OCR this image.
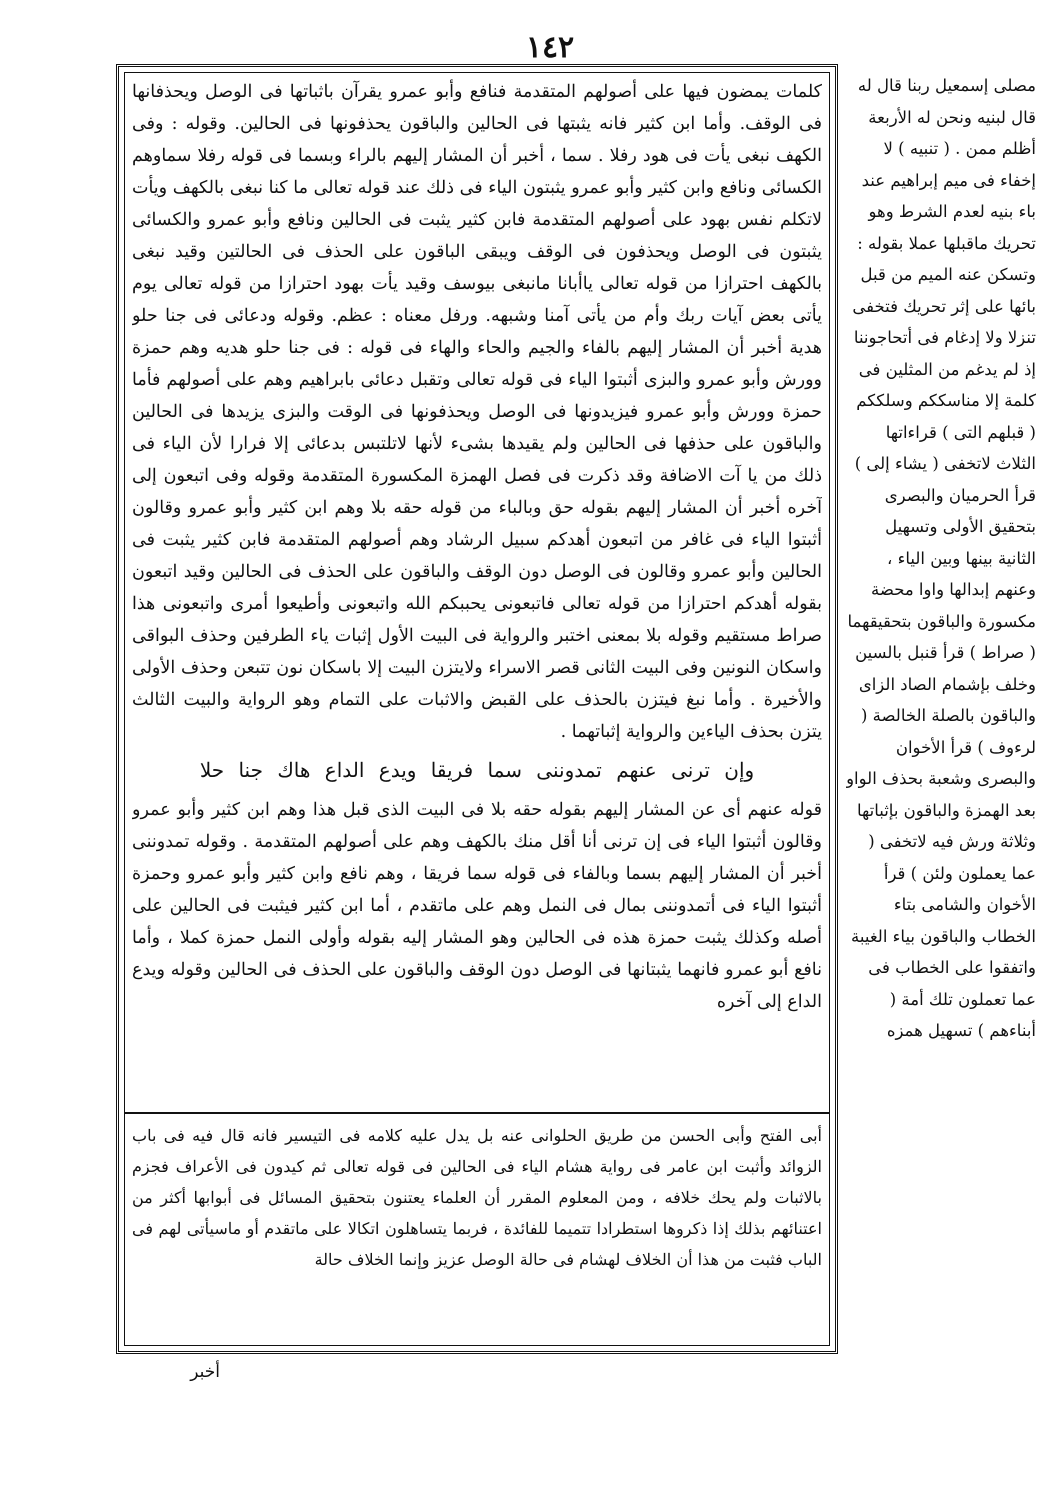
١٤٢

كلمات يمضون فيها على أصولهم المتقدمة فنافع وأبو عمرو يقرآن باثباتها فى الوصل ويحذفانها فى الوقف. وأما ابن كثير فانه يثبتها فى الحالين والباقون يحذفونها فى الحالين. وقوله : وفى الكهف نبغى يأت فى هود رفلا . سما ، أخبر أن المشار إليهم بالراء وبسما فى قوله رفلا سماوهم الكسائى ونافع وابن كثير وأبو عمرو يثبتون الياء فى ذلك عند قوله تعالى ما كنا نبغى بالكهف ويأت لاتكلم نفس بهود على أصولهم المتقدمة فابن كثير يثبت فى الحالين ونافع وأبو عمرو والكسائى يثبتون فى الوصل ويحذفون فى الوقف ويبقى الباقون على الحذف فى الحالتين وقيد نبغى بالكهف احترازا من قوله تعالى ياأبانا مانبغى بيوسف وقيد يأت بهود احترازا من قوله تعالى يوم يأتى بعض آيات ربك وأم من يأتى آمنا وشبهه. ورفل معناه : عظم. وقوله ودعائى فى جنا حلو هدية أخبر أن المشار إليهم بالفاء والجيم والحاء والهاء فى قوله : فى جنا حلو هديه وهم حمزة وورش وأبو عمرو والبزى أثبتوا الياء فى قوله تعالى وتقبل دعائى بابراهيم وهم على أصولهم فأما حمزة وورش وأبو عمرو فيزيدونها فى الوصل ويحذفونها فى الوقت والبزى يزيدها فى الحالين والباقون على حذفها فى الحالين ولم يقيدها بشىء لأنها لاتلتبس بدعائى إلا فرارا لأن الياء فى ذلك من يا آت الاضافة وقد ذكرت فى فصل الهمزة المكسورة المتقدمة وقوله وفى اتبعون إلى آخره أخبر أن المشار إليهم بقوله حق وبالباء من قوله حقه بلا وهم ابن كثير وأبو عمرو وقالون أثبتوا الياء فى غافر من اتبعون أهدكم سبيل الرشاد وهم أصولهم المتقدمة فابن كثير يثبت فى الحالين وأبو عمرو وقالون فى الوصل دون الوقف والباقون على الحذف فى الحالين وقيد اتبعون بقوله أهدكم احترازا من قوله تعالى فاتبعونى يحببكم الله واتبعونى وأطيعوا أمرى واتبعونى هذا صراط مستقيم وقوله بلا بمعنى اختبر والرواية فى البيت الأول إثبات ياء الطرفين وحذف البواقى واسكان النونين وفى البيت الثانى قصر الاسراء ولايتزن البيت إلا باسكان نون تتبعن وحذف الأولى والأخيرة . وأما نبغ فيتزن بالحذف على القبض والاثبات على التمام وهو الرواية والبيت الثالث يتزن بحذف الياءين والرواية إثباتهما .

وإن ترنى عنهم تمدوننى سما فريقا ويدع الداع هاك جنا حلا

قوله عنهم أى عن المشار إليهم بقوله حقه بلا فى البيت الذى قبل هذا وهم ابن كثير وأبو عمرو وقالون أثبتوا الياء فى إن ترنى أنا أقل منك بالكهف وهم على أصولهم المتقدمة . وقوله تمدوننى أخبر أن المشار إليهم بسما وبالفاء فى قوله سما فريقا ، وهم نافع وابن كثير وأبو عمرو وحمزة أثبتوا الياء فى أتمدوننى بمال فى النمل وهم على ماتقدم ، أما ابن كثير فيثبت فى الحالين على أصله وكذلك يثبت حمزة هذه فى الحالين وهو المشار إليه بقوله وأولى النمل حمزة كملا ، وأما نافع أبو عمرو فانهما يثبتانها فى الوصل دون الوقف والباقون على الحذف فى الحالين وقوله ويدع الداع إلى آخره

أبى الفتح وأبى الحسن من طريق الحلوانى عنه بل يدل عليه كلامه فى التيسير فانه قال فيه فى باب الزوائد وأثبت ابن عامر فى رواية هشام الياء فى الحالين فى قوله تعالى ثم كيدون فى الأعراف فجزم بالاثبات ولم يحك خلافه ، ومن المعلوم المقرر أن العلماء يعتنون بتحقيق المسائل فى أبوابها أكثر من اعتنائهم بذلك إذا ذكروها استطرادا تتميما للفائدة ، فربما يتساهلون اتكالا على ماتقدم أو ماسيأتى لهم فى الباب فثبت من هذا أن الخلاف لهشام فى حالة الوصل عزيز وإنما الخلاف حالة

مصلى إسمعيل ربنا قال له قال لبنيه ونحن له الأربعة أظلم ممن . ( تنبيه ) لا إخفاء فى ميم إبراهيم عند باء بنيه لعدم الشرط وهو تحريك ماقبلها عملا بقوله : وتسكن عنه الميم من قبل بائها على إثر تحريك فتخفى تنزلا ولا إدغام فى أتحاجوننا إذ لم يدغم من المثلين فى كلمة إلا مناسككم وسلككم ( قبلهم التى ) قراءاتها الثلاث لاتخفى ( يشاء إلى ) قرأ الحرميان والبصرى بتحقيق الأولى وتسهيل الثانية بينها وبين الياء ، وعنهم إبدالها واوا محضة مكسورة والباقون بتحقيقهما ( صراط ) قرأ قنبل بالسين وخلف بإشمام الصاد الزاى والباقون بالصلة الخالصة ( لرءوف ) قرأ الأخوان والبصرى وشعبة بحذف الواو بعد الهمزة والباقون بإثباتها وثلاثة ورش فيه لاتخفى ( عما يعملون ولئن ) قرأ الأخوان والشامى بتاء الخطاب والباقون بياء الغيبة واتفقوا على الخطاب فى عما تعملون تلك أمة ( أبناءهم ) تسهيل همزه

أخبر
